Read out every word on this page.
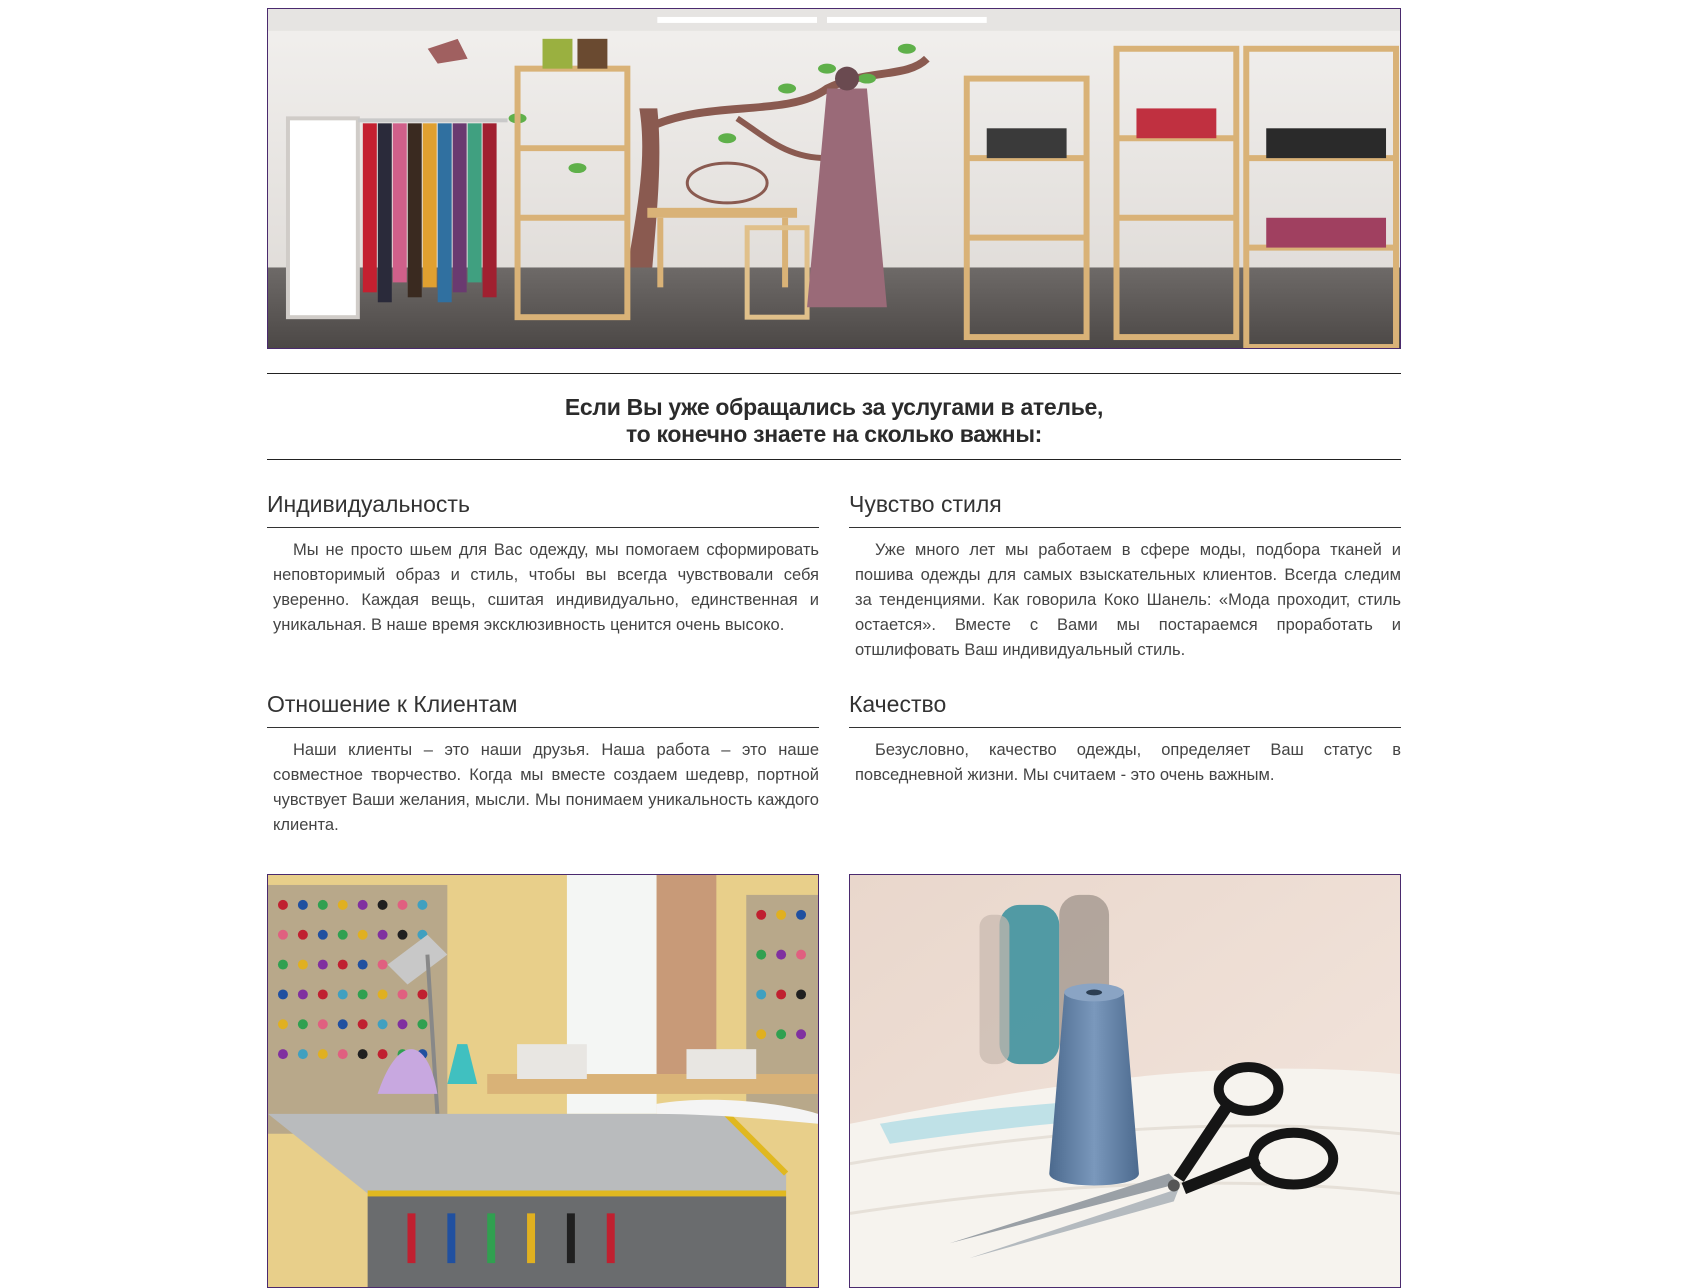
Если Вы уже обращались за услугами в ателье,

то конечно знаете на сколько важны:

Индивидуальность

Мы не просто шьем для Вас одежду, мы помогаем сформировать неповторимый образ и стиль, чтобы вы всегда чувствовали себя уверенно. Каждая вещь, сшитая индивидуально, единственная и уникальная. В наше время эксклюзивность ценится очень высоко.

Чувство стиля

Уже много лет мы работаем в сфере моды, подбора тканей и пошива одежды для самых взыскательных клиентов. Всегда следим за тенденциями. Как говорила Коко Шанель: «Мода проходит, стиль остается». Вместе с Вами мы постараемся проработать и отшлифовать Ваш индивидуальный стиль.

Отношение к Клиентам

Наши клиенты – это наши друзья. Наша работа – это наше совместное творчество. Когда мы вместе создаем шедевр, портной чувствует Ваши желания, мысли. Мы понимаем уникальность каждого клиента.

Качество

Безусловно, качество одежды, определяет Ваш статус в повседневной жизни. Мы считаем - это очень важным.
